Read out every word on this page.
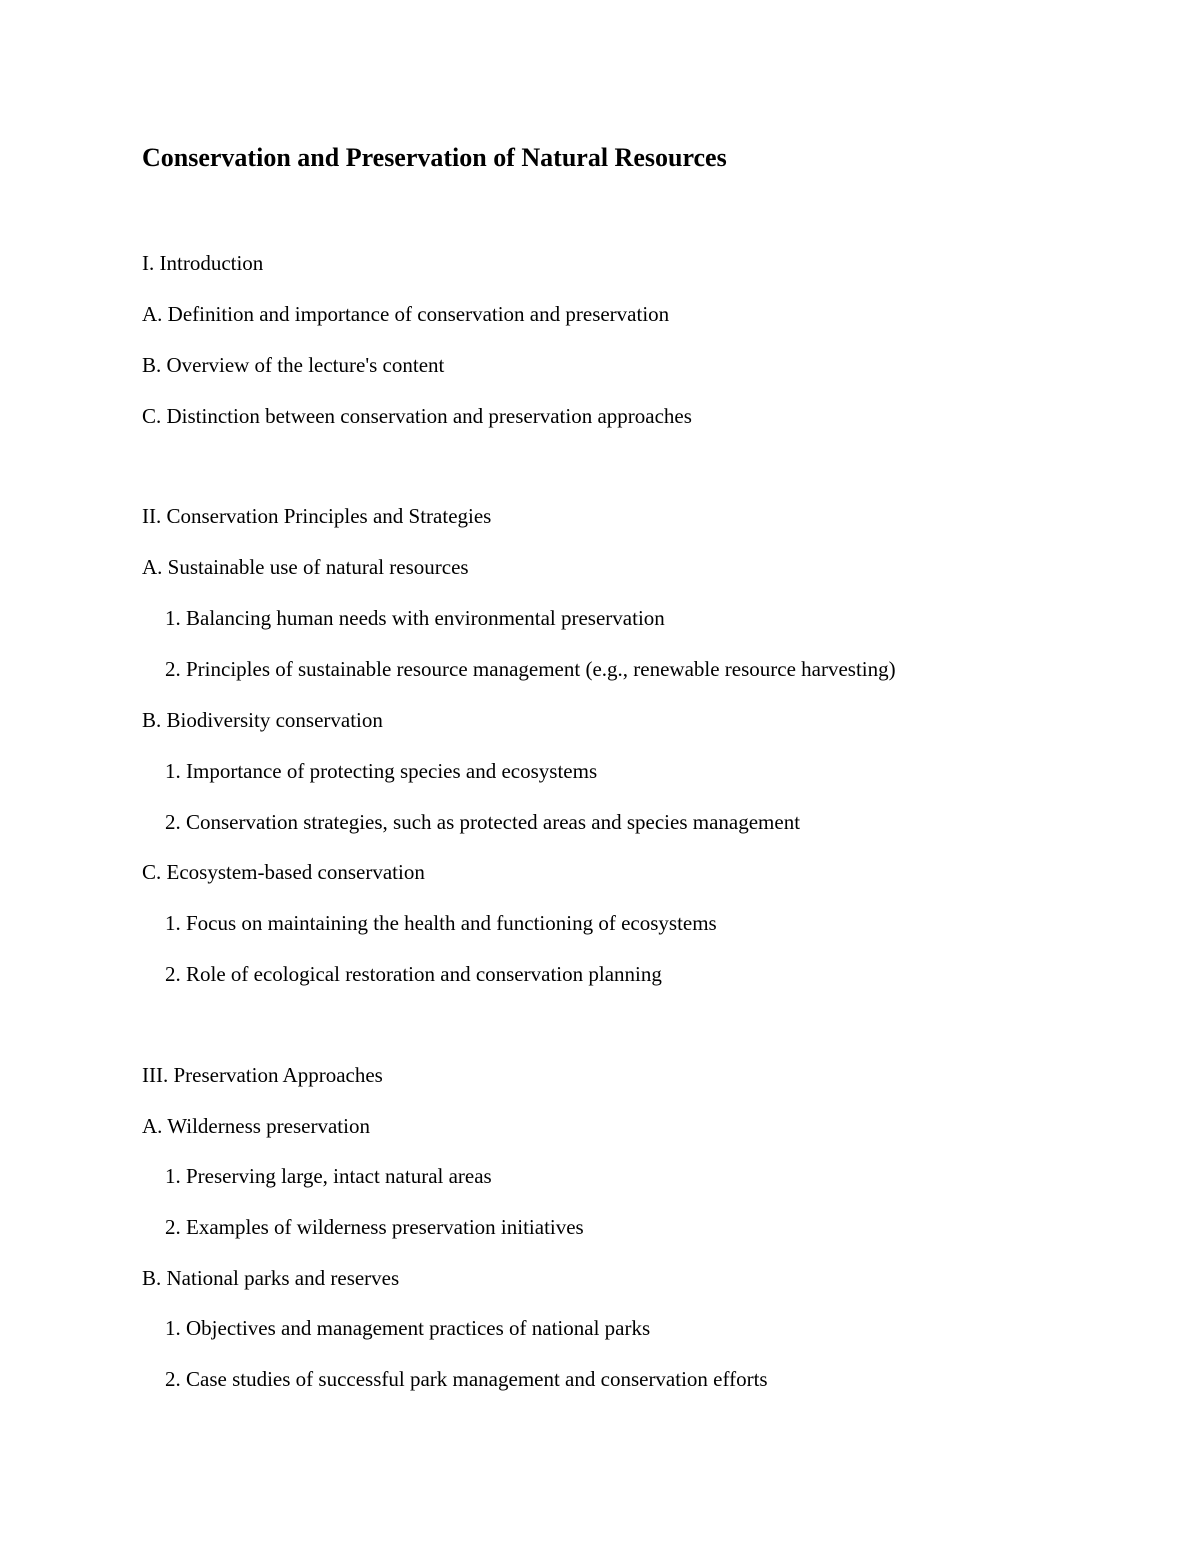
Conservation and Preservation of Natural Resources
I. Introduction
A. Definition and importance of conservation and preservation
B. Overview of the lecture's content
C. Distinction between conservation and preservation approaches
II. Conservation Principles and Strategies
A. Sustainable use of natural resources
1. Balancing human needs with environmental preservation
2. Principles of sustainable resource management (e.g., renewable resource harvesting)
B. Biodiversity conservation
1. Importance of protecting species and ecosystems
2. Conservation strategies, such as protected areas and species management
C. Ecosystem-based conservation
1. Focus on maintaining the health and functioning of ecosystems
2. Role of ecological restoration and conservation planning
III. Preservation Approaches
A. Wilderness preservation
1. Preserving large, intact natural areas
2. Examples of wilderness preservation initiatives
B. National parks and reserves
1. Objectives and management practices of national parks
2. Case studies of successful park management and conservation efforts
